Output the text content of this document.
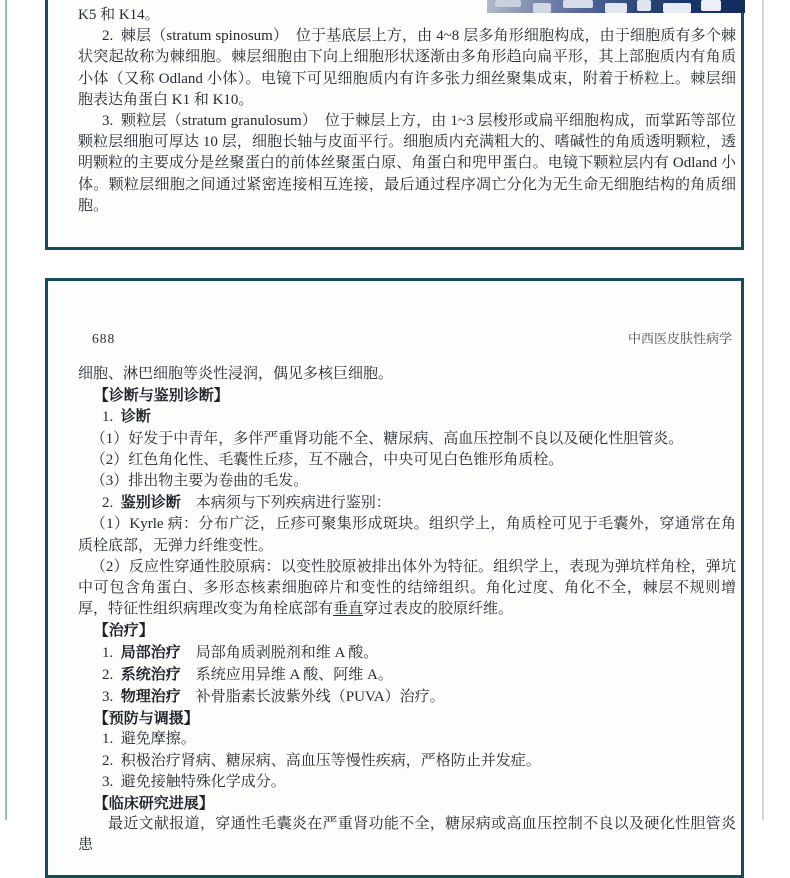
K5 和 K14。

2. 棘层（stratum spinosum）　位于基底层上方，由 4~8 层多角形细胞构成，由于细胞质有多个棘状突起故称为棘细胞。棘层细胞由下向上细胞形状逐渐由多角形趋向扁平形，其上部胞质内有角质小体（又称 Odland 小体）。电镜下可见细胞质内有许多张力细丝聚集成束，附着于桥粒上。棘层细胞表达角蛋白 K1 和 K10。

3. 颗粒层（stratum granulosum）　位于棘层上方，由 1~3 层梭形或扁平细胞构成，而掌跖等部位颗粒层细胞可厚达 10 层，细胞长轴与皮面平行。细胞质内充满粗大的、嗜碱性的角质透明颗粒，透明颗粒的主要成分是丝聚蛋白的前体丝聚蛋白原、角蛋白和兜甲蛋白。电镜下颗粒层内有 Odland 小体。颗粒层细胞之间通过紧密连接相互连接，最后通过程序凋亡分化为无生命无细胞结构的角质细胞。

688	中西医皮肤性病学

细胞、淋巴细胞等炎性浸润，偶见多核巨细胞。

【诊断与鉴别诊断】

1. 诊断

（1）好发于中青年，多伴严重肾功能不全、糖尿病、高血压控制不良以及硬化性胆管炎。

（2）红色角化性、毛囊性丘疹，互不融合，中央可见白色锥形角质栓。

（3）排出物主要为卷曲的毛发。

2. 鉴别诊断　本病须与下列疾病进行鉴别：

（1）Kyrle 病：分布广泛，丘疹可聚集形成斑块。组织学上，角质栓可见于毛囊外，穿通常在角质栓底部，无弹力纤维变性。

（2）反应性穿通性胶原病：以变性胶原被排出体外为特征。组织学上，表现为弹坑样角栓，弹坑中可包含角蛋白、多形态核素细胞碎片和变性的结缔组织。角化过度、角化不全，棘层不规则增厚，特征性组织病理改变为角栓底部有垂直穿过表皮的胶原纤维。

【治疗】

1. 局部治疗　局部角质剥脱剂和维 A 酸。

2. 系统治疗　系统应用异维 A 酸、阿维 A。

3. 物理治疗　补骨脂素长波紫外线（PUVA）治疗。

【预防与调摄】

1. 避免摩擦。

2. 积极治疗肾病、糖尿病、高血压等慢性疾病，严格防止并发症。

3. 避免接触特殊化学成分。

【临床研究进展】

最近文献报道，穿通性毛囊炎在严重肾功能不全，糖尿病或高血压控制不良以及硬化性胆管炎患
